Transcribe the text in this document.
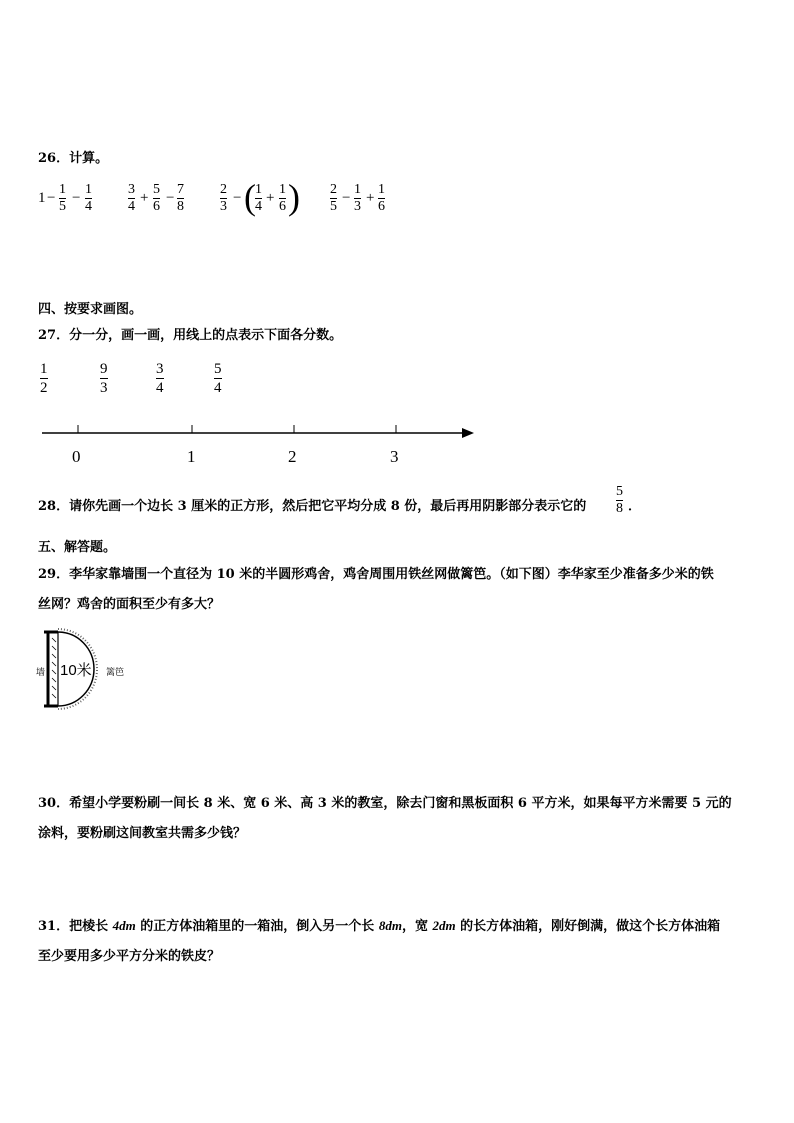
26．计算。
1 −
1
5
−
1
4
3
4
+
5
6
−
7
8
2
3
− ( 1
4
+
1
6 ) 2
5
−
1
3
+
1
6
四、按要求画图。
27．分一分，画一画，用线上的点表示下面各分数。
1
2
9
3
3
4
5
4
0	1	2	3
28．请你先画一个边长 3 厘米的正方形，然后把它平均分成 8 份，最后再用阴影部分表示它的
5
8 ．
五、解答题。
29．李华家靠墙围一个直径为 10 米的半圆形鸡舍，鸡舍周围用铁丝网做篱笆。（如下图）李华家至少准备多少米的铁
丝网？鸡舍的面积至少有多大？
墙 10米 篱笆
30．希望小学要粉刷一间长 8 米、宽 6 米、高 3 米的教室，除去门窗和黑板面积 6 平方米，如果每平方米需要 5 元的
涂料，要粉刷这间教室共需多少钱？
31．把棱长 4dm 的正方体油箱里的一箱油，倒入另一个长 8dm，宽 2dm 的长方体油箱，刚好倒满，做这个长方体油箱
至少要用多少平方分米的铁皮？
